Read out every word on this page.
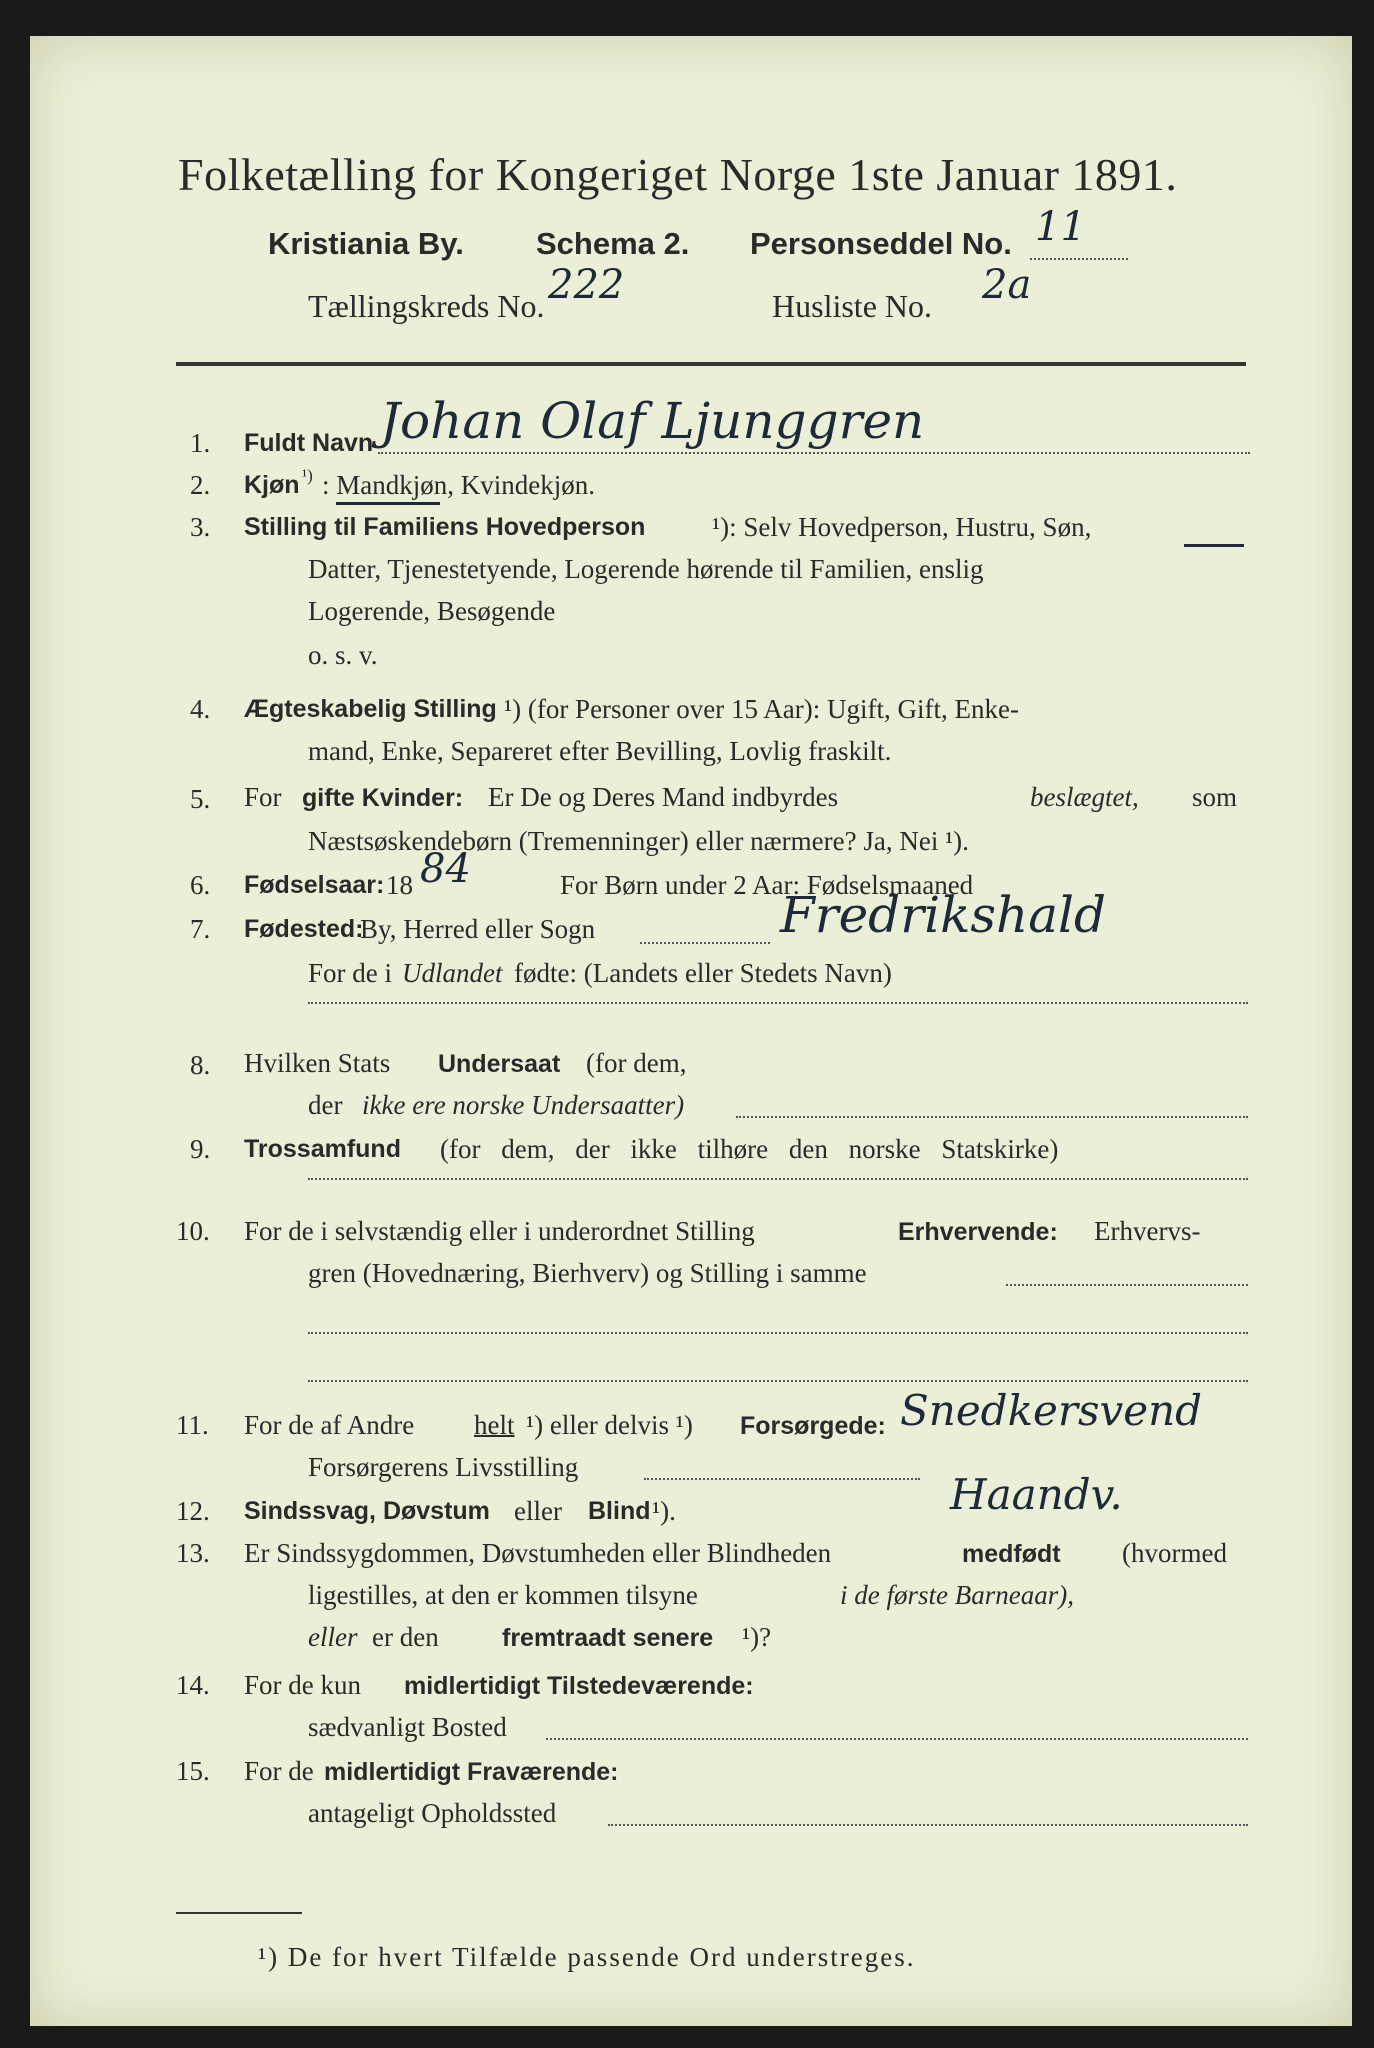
Folketælling for Kongeriget Norge 1ste Januar 1891.
Kristiania By. Schema 2. Personseddel No. 11
Tællingskreds No. 222	Husliste No. 2a
1. Fuldt Navn Johan Olaf Ljunggren
2. Kjøn ¹) : Mandkjøn, Kvindekjøn.
3. Stilling til Familiens Hovedperson ¹): Selv Hovedperson, Hustru, Søn,
Datter, Tjenestetyende, Logerende hørende til Familien, enslig
Logerende, Besøgende
o. s. v.
4. Ægteskabelig Stilling ¹) (for Personer over 15 Aar): Ugift, Gift, Enke-
mand, Enke, Separeret efter Bevilling, Lovlig fraskilt.
5. For gifte Kvinder: Er De og Deres Mand indbyrdes	beslægtet, som
Næstsøskendebørn (Tremenninger) eller nærmere? Ja, Nei ¹).
6. Fødselsaar: 18 84	For Børn under 2 Aar: Fødselsmaaned
7. Fødested:
By, Herred eller Sogn	Fredrikshald
For de i Udlandet fødte: (Landets eller Stedets Navn)
8. Hvilken Stats Undersaat (for dem,
der ikke ere norske Undersaatter)
9. Trossamfund (for dem, der ikke tilhøre den norske Statskirke)
10. For de i selvstændig eller i underordnet Stilling	Erhvervende: Erhvervs-
gren (Hovednæring, Bierhverv) og Stilling i samme
11. For de af Andre helt ¹) eller delvis ¹) Forsørgede: Snedkersvend
Forsørgerens Livsstilling
12. Sindssvag, Døvstum eller Blind ¹).	Haandv.
13. Er Sindssygdommen, Døvstumheden eller Blindheden	medfødt (hvormed
ligestilles, at den er kommen tilsyne	i de første Barneaar),
eller er den	fremtraadt senere ¹)?
14. For de kun midlertidigt Tilstedeværende:
sædvanligt Bosted
15. For de midlertidigt Fraværende:
antageligt Opholdssted
¹) De for hvert Tilfælde passende Ord understreges.
